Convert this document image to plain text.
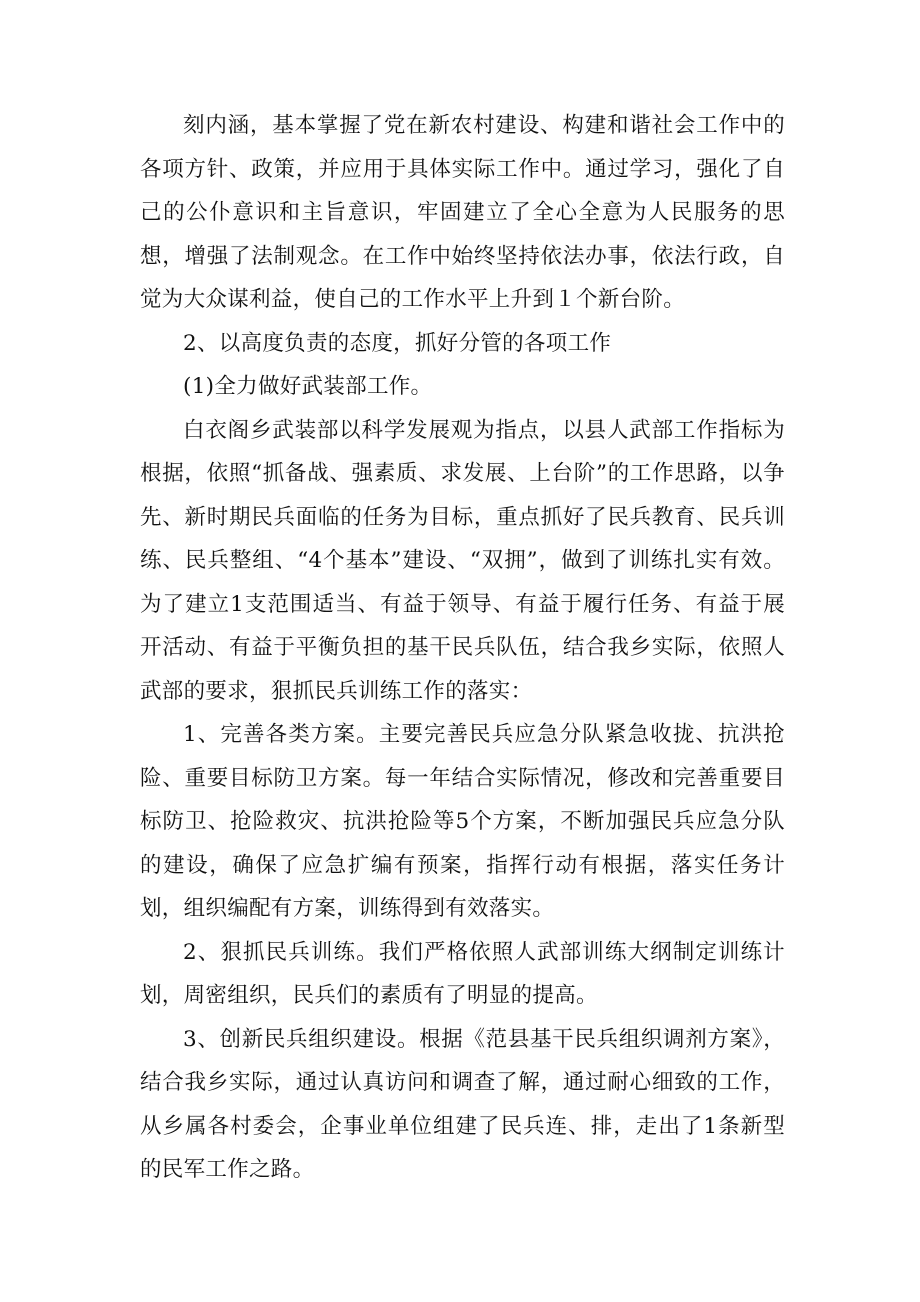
刻内涵，基本掌握了党在新农村建设、构建和谐社会工作中的各项方针、政策，并应用于具体实际工作中。通过学习，强化了自己的公仆意识和主旨意识，牢固建立了全心全意为人民服务的思想，增强了法制观念。在工作中始终坚持依法办事，依法行政，自觉为大众谋利益，使自己的工作水平上升到１个新台阶。

2、以高度负责的态度，抓好分管的各项工作

(1)全力做好武装部工作。

白衣阁乡武装部以科学发展观为指点，以县人武部工作指标为根据，依照“抓备战、强素质、求发展、上台阶”的工作思路，以争先、新时期民兵面临的任务为目标，重点抓好了民兵教育、民兵训练、民兵整组、“4个基本”建设、“双拥”，做到了训练扎实有效。为了建立1支范围适当、有益于领导、有益于履行任务、有益于展开活动、有益于平衡负担的基干民兵队伍，结合我乡实际，依照人武部的要求，狠抓民兵训练工作的落实：

1、完善各类方案。主要完善民兵应急分队紧急收拢、抗洪抢险、重要目标防卫方案。每一年结合实际情况，修改和完善重要目标防卫、抢险救灾、抗洪抢险等5个方案，不断加强民兵应急分队的建设，确保了应急扩编有预案，指挥行动有根据，落实任务计划，组织编配有方案，训练得到有效落实。

2、狠抓民兵训练。我们严格依照人武部训练大纲制定训练计划，周密组织，民兵们的素质有了明显的提高。

3、创新民兵组织建设。根据《范县基干民兵组织调剂方案》，结合我乡实际，通过认真访问和调查了解，通过耐心细致的工作，从乡属各村委会，企事业单位组建了民兵连、排，走出了1条新型的民军工作之路。
